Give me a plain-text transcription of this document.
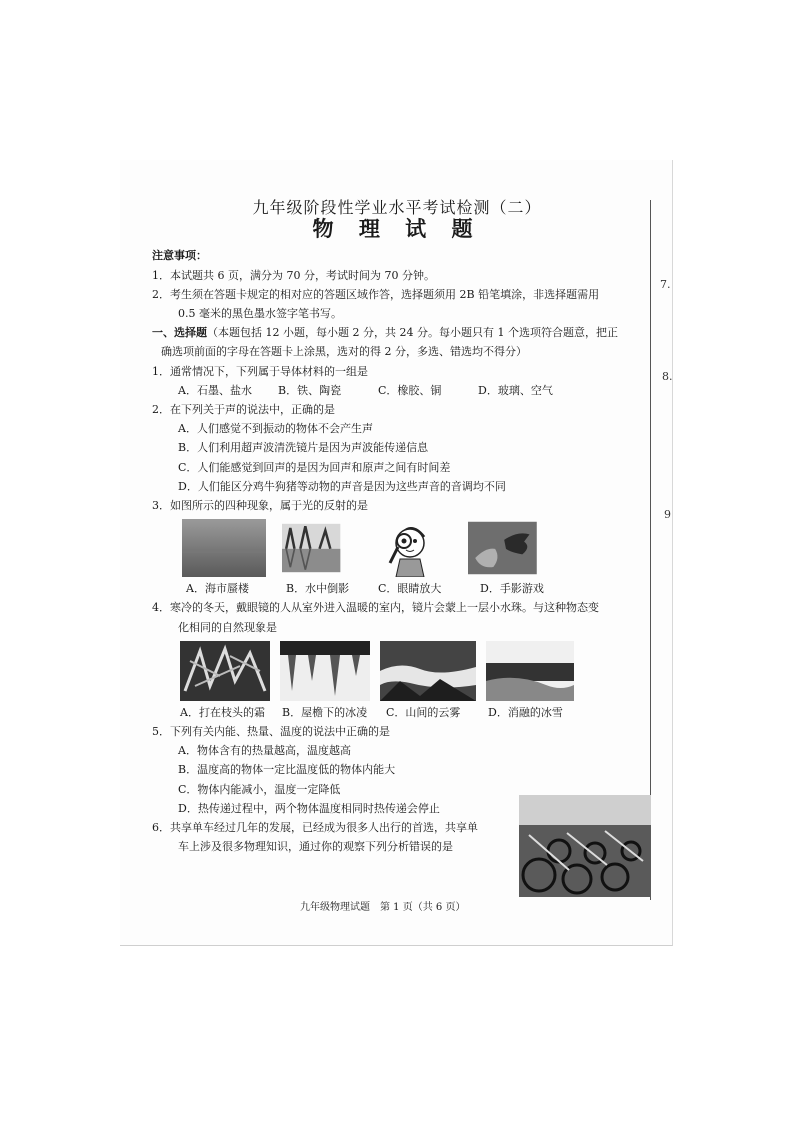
7.
8.
9
九年级阶段性学业水平考试检测（二）
物 理 试 题
注意事项：
1．本试题共 6 页，满分为 70 分，考试时间为 70 分钟。
2．考生须在答题卡规定的相对应的答题区域作答，选择题须用 2B 铅笔填涂，非选择题需用
0.5 毫米的黑色墨水签字笔书写。
一、选择题（本题包括 12 小题，每小题 2 分，共 24 分。每小题只有 1 个选项符合题意，把正
确选项前面的字母在答题卡上涂黑，选对的得 2 分，多选、错选均不得分）
1．通常情况下，下列属于导体材料的一组是
A．石墨、盐水	B．铁、陶瓷	C．橡胶、铜	D．玻璃、空气
2．在下列关于声的说法中，正确的是
A．人们感觉不到振动的物体不会产生声
B．人们利用超声波清洗镜片是因为声波能传递信息
C．人们能感觉到回声的是因为回声和原声之间有时间差
D．人们能区分鸡牛狗猪等动物的声音是因为这些声音的音调均不同
3．如图所示的四种现象，属于光的反射的是
A．海市蜃楼	B．水中倒影	C．眼睛放大	D．手影游戏
4．寒冷的冬天，戴眼镜的人从室外进入温暖的室内，镜片会蒙上一层小水珠。与这种物态变
化相同的自然现象是
A．打在枝头的霜	B．屋檐下的冰凌	C．山间的云雾	D．消融的冰雪
5．下列有关内能、热量、温度的说法中正确的是
A．物体含有的热量越高，温度越高
B．温度高的物体一定比温度低的物体内能大
C．物体内能减小，温度一定降低
D．热传递过程中，两个物体温度相同时热传递会停止
6．共享单车经过几年的发展，已经成为很多人出行的首选，共享单
车上涉及很多物理知识，通过你的观察下列分析错误的是
九年级物理试题　第 1 页（共 6 页）
